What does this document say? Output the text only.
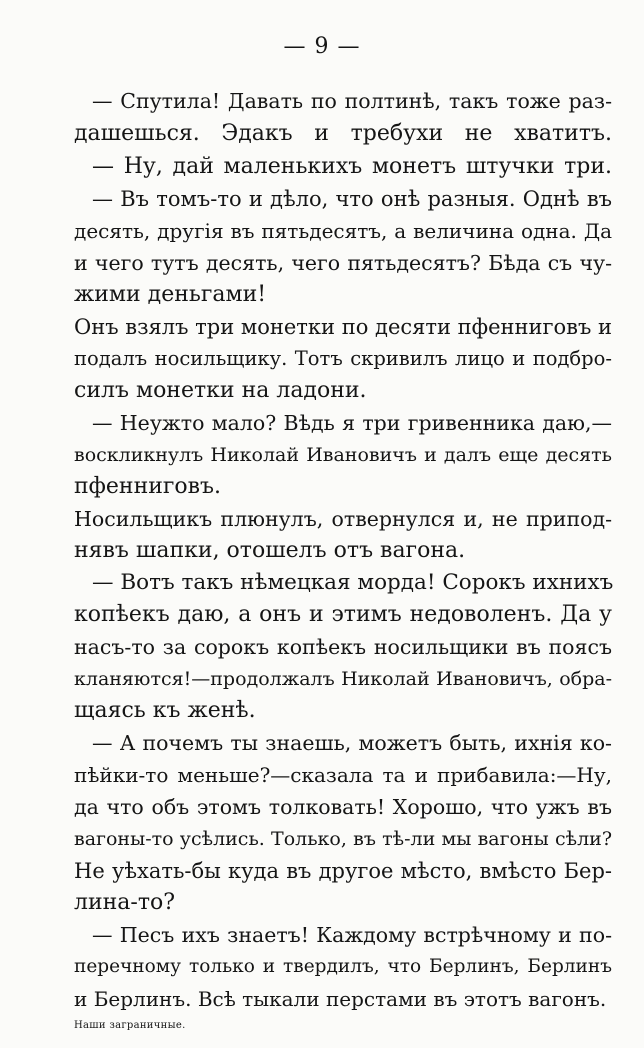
— 9 —
— Спутила! Давать по полтинѣ, такъ тоже раз-
дашешься. Эдакъ и требухи не хватитъ.
— Ну, дай маленькихъ монетъ штучки три.
— Въ томъ-то и дѣло, что онѣ разныя. Однѣ въ
десять, другія въ пятьдесятъ, а величина одна. Да
и чего тутъ десять, чего пятьдесятъ? Бѣда съ чу-
жими деньгами!
Онъ взялъ три монетки по десяти пфенниговъ и
подалъ носильщику. Тотъ скривилъ лицо и подбро-
силъ монетки на ладони.
— Неужто мало? Вѣдь я три гривенника даю,—
воскликнулъ Николай Ивановичъ и далъ еще десять
пфенниговъ.
Носильщикъ плюнулъ, отвернулся и, не припод-
нявъ шапки, отошелъ отъ вагона.
— Вотъ такъ нѣмецкая морда! Сорокъ ихнихъ
копѣекъ даю, а онъ и этимъ недоволенъ. Да у
насъ-то за сорокъ копѣекъ носильщики въ поясъ
кланяются!—продолжалъ Николай Ивановичъ, обра-
щаясь къ женѣ.
— А почемъ ты знаешь, можетъ быть, ихнія ко-
пѣйки-то меньше?—сказала та и прибавила:—Ну,
да что объ этомъ толковать! Хорошо, что ужъ въ
вагоны-то усѣлись. Только, въ тѣ-ли мы вагоны сѣли?
Не уѣхать-бы куда въ другое мѣсто, вмѣсто Бер-
лина-то?
— Песъ ихъ знаетъ! Каждому встрѣчному и по-
перечному только и твердилъ, что Берлинъ, Берлинъ
и Берлинъ. Всѣ тыкали перстами въ этотъ вагонъ.
Наши заграничные.
